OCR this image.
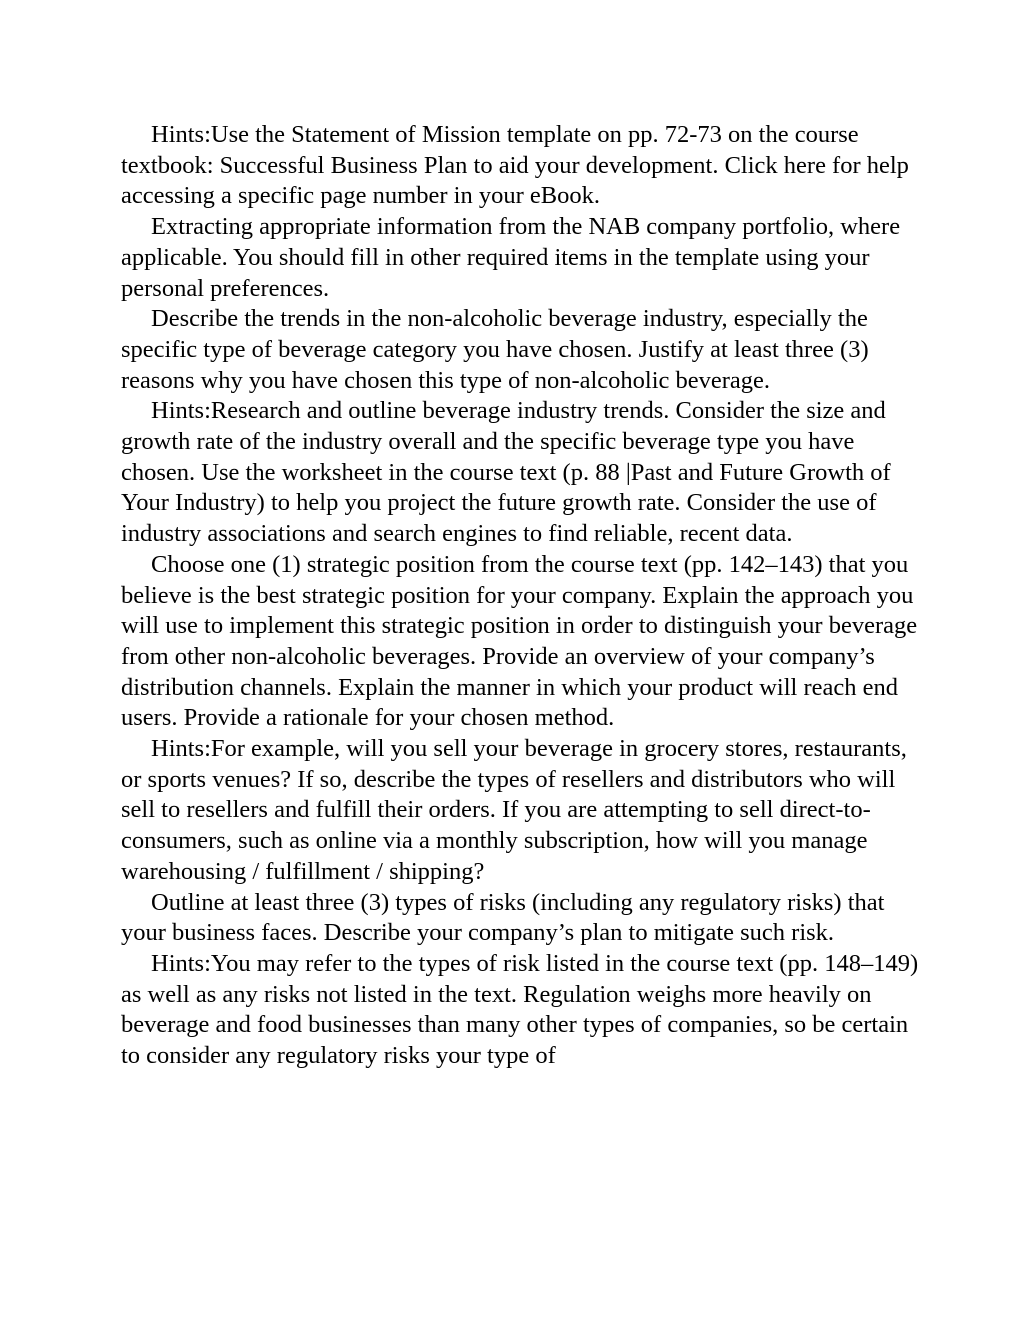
Hints:Use the Statement of Mission template on pp. 72-73 on the course textbook: Successful Business Plan to aid your development. Click here for help accessing a specific page number in your eBook.

Extracting appropriate information from the NAB company portfolio, where applicable. You should fill in other required items in the template using your personal preferences.

Describe the trends in the non-alcoholic beverage industry, especially the specific type of beverage category you have chosen. Justify at least three (3) reasons why you have chosen this type of non-alcoholic beverage.

Hints:Research and outline beverage industry trends. Consider the size and growth rate of the industry overall and the specific beverage type you have chosen. Use the worksheet in the course text (p. 88 |Past and Future Growth of Your Industry) to help you project the future growth rate. Consider the use of industry associations and search engines to find reliable, recent data.

Choose one (1) strategic position from the course text (pp. 142–143) that you believe is the best strategic position for your company. Explain the approach you will use to implement this strategic position in order to distinguish your beverage from other non-alcoholic beverages. Provide an overview of your company’s distribution channels. Explain the manner in which your product will reach end users. Provide a rationale for your chosen method.

Hints:For example, will you sell your beverage in grocery stores, restaurants, or sports venues? If so, describe the types of resellers and distributors who will sell to resellers and fulfill their orders. If you are attempting to sell direct-to-consumers, such as online via a monthly subscription, how will you manage warehousing / fulfillment / shipping?

Outline at least three (3) types of risks (including any regulatory risks) that your business faces. Describe your company’s plan to mitigate such risk.

Hints:You may refer to the types of risk listed in the course text (pp. 148–149) as well as any risks not listed in the text. Regulation weighs more heavily on beverage and food businesses than many other types of companies, so be certain to consider any regulatory risks your type of
